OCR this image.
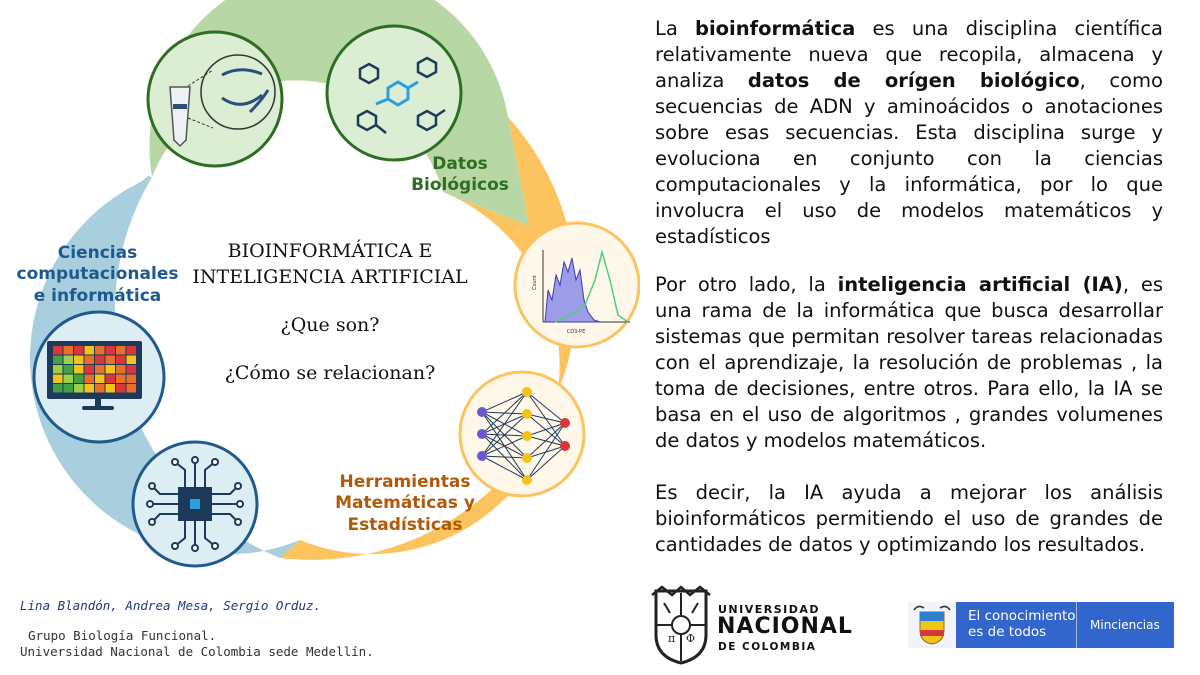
Count
CD3-PE
BIOINFORMÁTICA E
INTELIGENCIA ARTIFICIAL
¿Que son?
¿Cómo se relacionan?
Datos
Biológicos
Herramientas
Matemáticas y
Estadísticas
Ciencias
computacionales
e informática

La bioinformática es una disciplina científica relativamente nueva que recopila, almacena y analiza datos de orígen biológico, como secuencias de ADN y aminoácidos o anotaciones sobre esas secuencias. Esta disciplina surge y evoluciona en conjunto con la ciencias computacionales y la informática, por lo que involucra el uso de modelos matemáticos y estadísticos

Por otro lado, la inteligencia artificial (IA), es una rama de la informática que busca desarrollar sistemas que permitan resolver tareas relacionadas con el aprendizaje, la resolución de problemas , la toma de decisiones, entre otros. Para ello, la IA se basa en el uso de algoritmos , grandes volumenes de datos y modelos matemáticos.

Es decir, la IA ayuda a mejorar los análisis bioinformáticos permitiendo el uso de grandes de cantidades de datos y optimizando los resultados.

Lina Blandón, Andrea Mesa, Sergio Orduz.
Grupo Biología Funcional.
Universidad Nacional de Colombia sede Medellín.
π Φ
UNIVERSIDAD
NACIONAL
DE COLOMBIA
El conocimiento
es de todos	Minciencias
